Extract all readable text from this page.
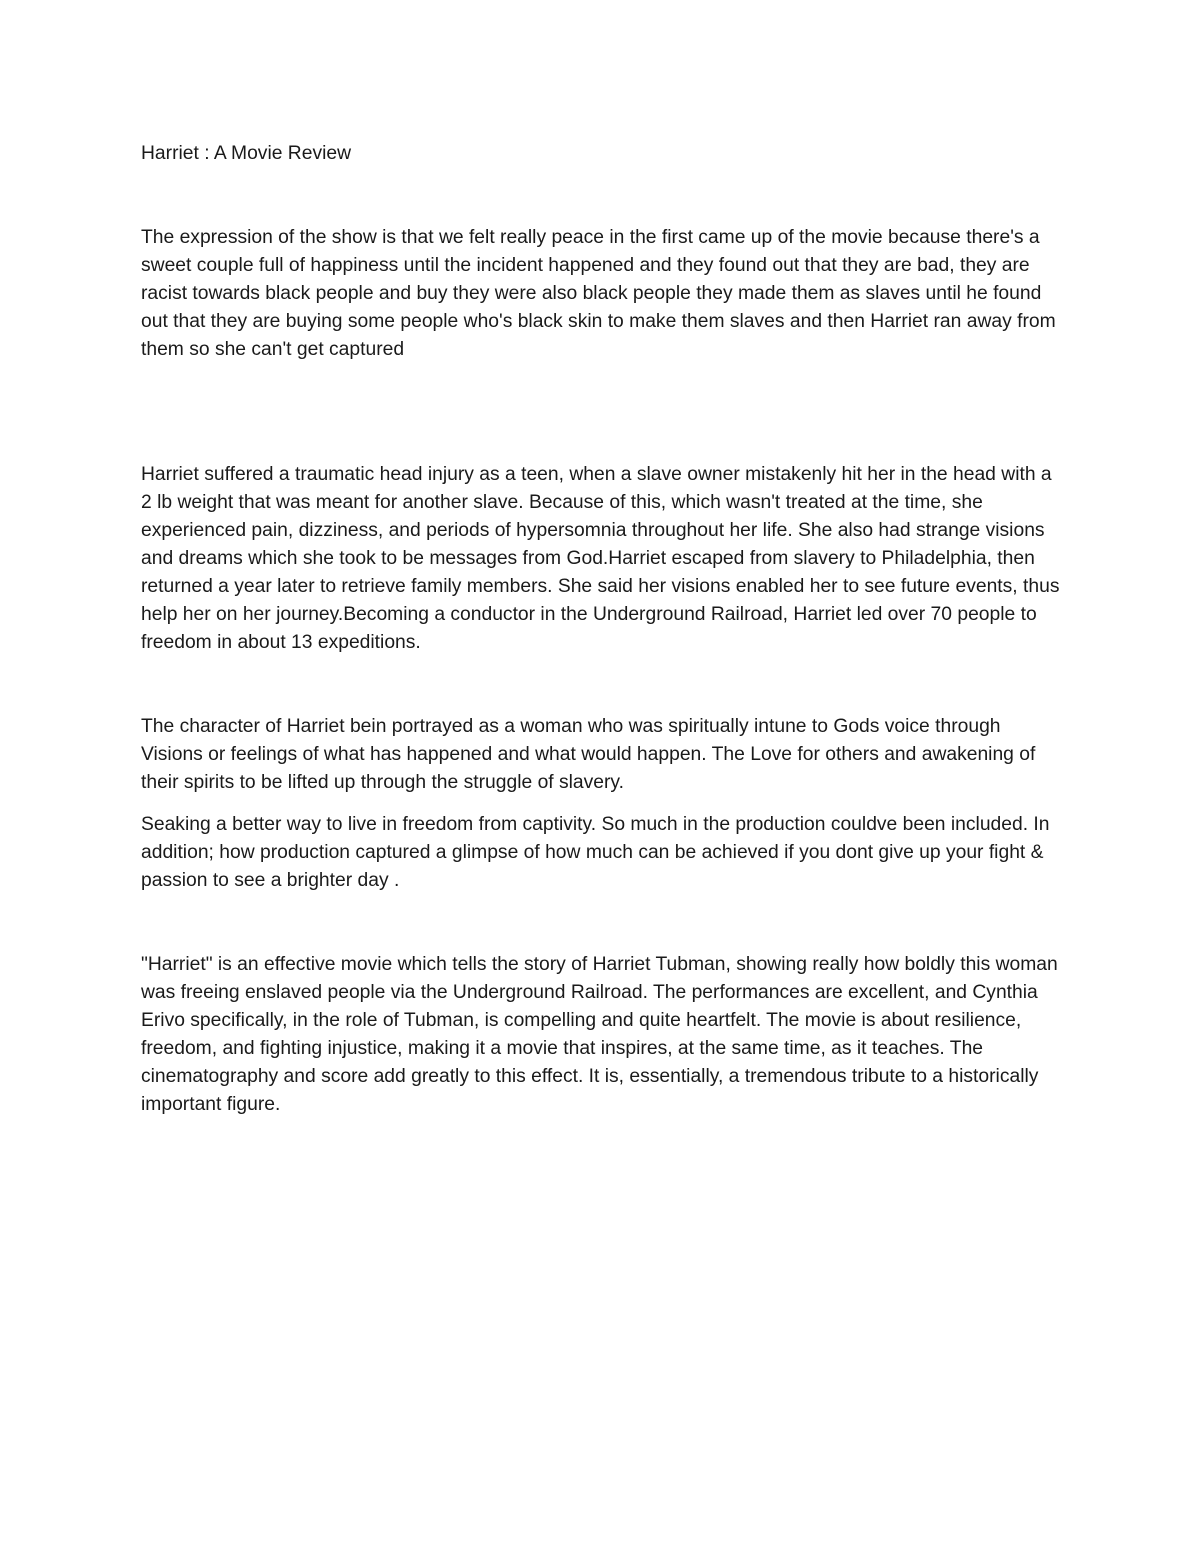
Harriet : A Movie Review

The expression of the show is that we felt really peace in the first came up of the movie because there's a sweet couple full of happiness until the incident happened and they found out that they are bad, they are racist towards black people and buy they were also black people they made them as slaves until he found out that they are buying some people who's black skin to make them slaves and then Harriet ran away from them so she can't get captured

Harriet suffered a traumatic head injury as a teen, when a slave owner mistakenly hit her in the head with a 2 lb weight that was meant for another slave. Because of this, which wasn't treated at the time, she experienced pain, dizziness, and periods of hypersomnia throughout her life. She also had strange visions and dreams which she took to be messages from God.Harriet escaped from slavery to Philadelphia, then returned a year later to retrieve family members. She said her visions enabled her to see future events, thus help her on her journey.Becoming a conductor in the Underground Railroad, Harriet led over 70 people to freedom in about 13 expeditions.

The character of Harriet bein portrayed as a woman who was spiritually intune to Gods voice through Visions or feelings of what has happened and what would happen. The Love for others and awakening of their spirits to be lifted up through the struggle of slavery.

Seaking a better way to live in freedom from captivity. So much in the production couldve been included. In addition; how production captured a glimpse of how much can be achieved if you dont give up your fight & passion to see a brighter day .

"Harriet" is an effective movie which tells the story of Harriet Tubman, showing really how boldly this woman was freeing enslaved people via the Underground Railroad. The performances are excellent, and Cynthia Erivo specifically, in the role of Tubman, is compelling and quite heartfelt. The movie is about resilience, freedom, and fighting injustice, making it a movie that inspires, at the same time, as it teaches. The cinematography and score add greatly to this effect. It is, essentially, a tremendous tribute to a historically important figure.
